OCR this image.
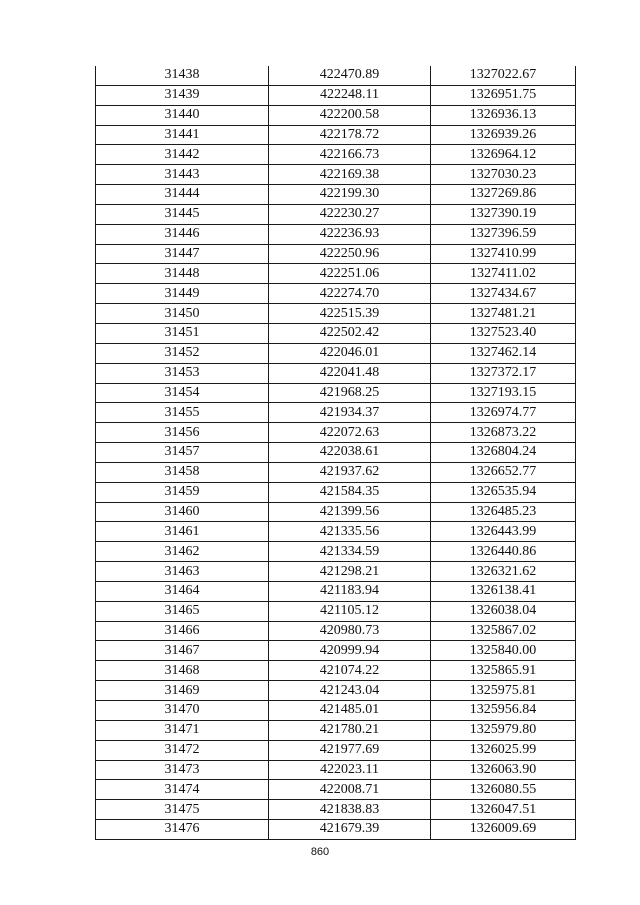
31438	422470.89	1327022.67
31439	422248.11	1326951.75
31440	422200.58	1326936.13
31441	422178.72	1326939.26
31442	422166.73	1326964.12
31443	422169.38	1327030.23
31444	422199.30	1327269.86
31445	422230.27	1327390.19
31446	422236.93	1327396.59
31447	422250.96	1327410.99
31448	422251.06	1327411.02
31449	422274.70	1327434.67
31450	422515.39	1327481.21
31451	422502.42	1327523.40
31452	422046.01	1327462.14
31453	422041.48	1327372.17
31454	421968.25	1327193.15
31455	421934.37	1326974.77
31456	422072.63	1326873.22
31457	422038.61	1326804.24
31458	421937.62	1326652.77
31459	421584.35	1326535.94
31460	421399.56	1326485.23
31461	421335.56	1326443.99
31462	421334.59	1326440.86
31463	421298.21	1326321.62
31464	421183.94	1326138.41
31465	421105.12	1326038.04
31466	420980.73	1325867.02
31467	420999.94	1325840.00
31468	421074.22	1325865.91
31469	421243.04	1325975.81
31470	421485.01	1325956.84
31471	421780.21	1325979.80
31472	421977.69	1326025.99
31473	422023.11	1326063.90
31474	422008.71	1326080.55
31475	421838.83	1326047.51
31476	421679.39	1326009.69
860
